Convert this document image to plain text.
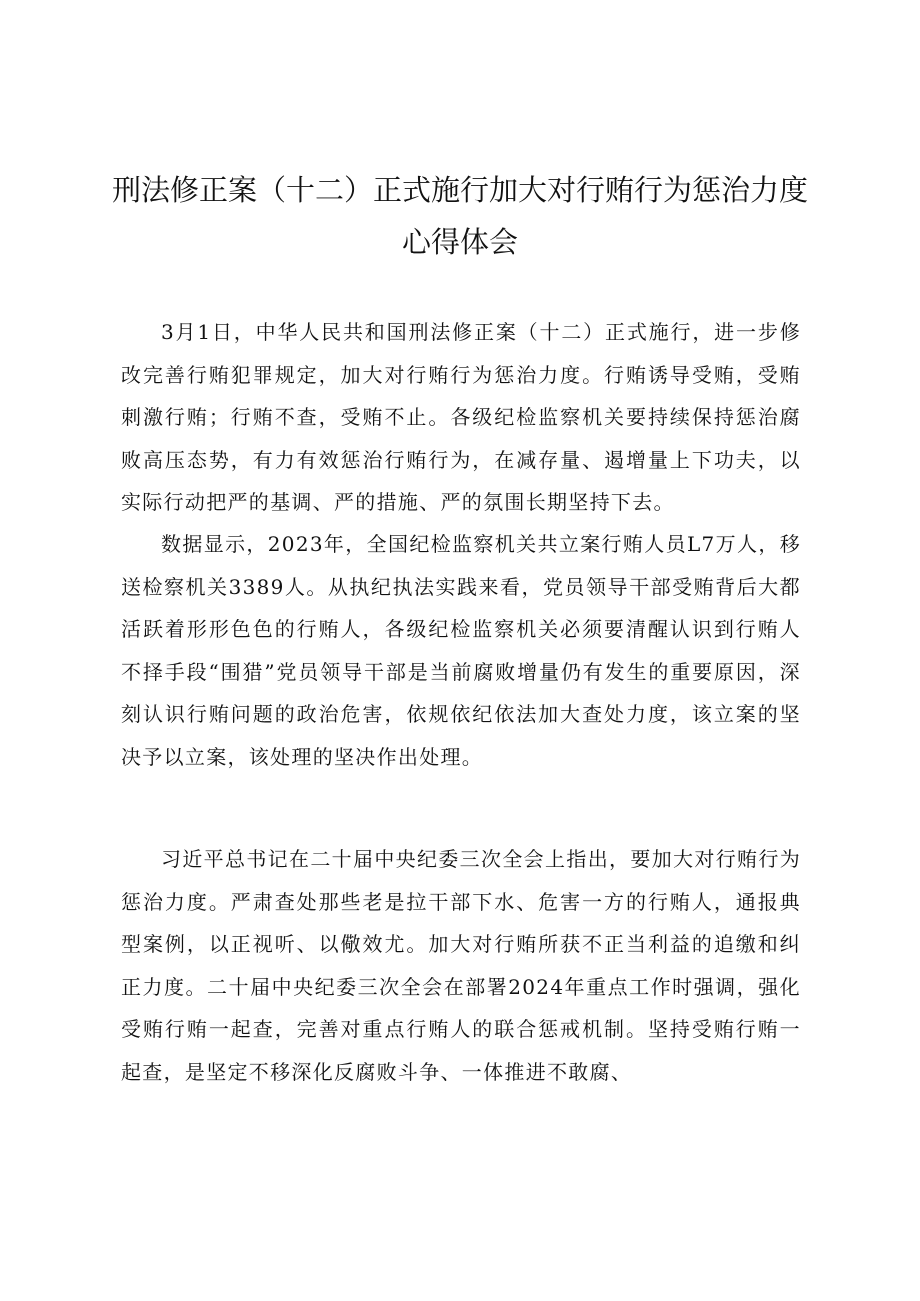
刑法修正案（十二）正式施行加大对行贿行为惩治力度
心得体会

3月1日，中华人民共和国刑法修正案（十二）正式施行，进一步修改完善行贿犯罪规定，加大对行贿行为惩治力度。行贿诱导受贿，受贿刺激行贿；行贿不查，受贿不止。各级纪检监察机关要持续保持惩治腐败高压态势，有力有效惩治行贿行为，在减存量、遏增量上下功夫，以实际行动把严的基调、严的措施、严的氛围长期坚持下去。

数据显示，2023年，全国纪检监察机关共立案行贿人员L7万人，移送检察机关3389人。从执纪执法实践来看，党员领导干部受贿背后大都活跃着形形色色的行贿人，各级纪检监察机关必须要清醒认识到行贿人不择手段“围猎”党员领导干部是当前腐败增量仍有发生的重要原因，深刻认识行贿问题的政治危害，依规依纪依法加大查处力度，该立案的坚决予以立案，该处理的坚决作出处理。

习近平总书记在二十届中央纪委三次全会上指出，要加大对行贿行为惩治力度。严肃查处那些老是拉干部下水、危害一方的行贿人，通报典型案例，以正视听、以儆效尤。加大对行贿所获不正当利益的追缴和纠正力度。二十届中央纪委三次全会在部署2024年重点工作时强调，强化受贿行贿一起查，完善对重点行贿人的联合惩戒机制。坚持受贿行贿一起查，是坚定不移深化反腐败斗争、一体推进不敢腐、
